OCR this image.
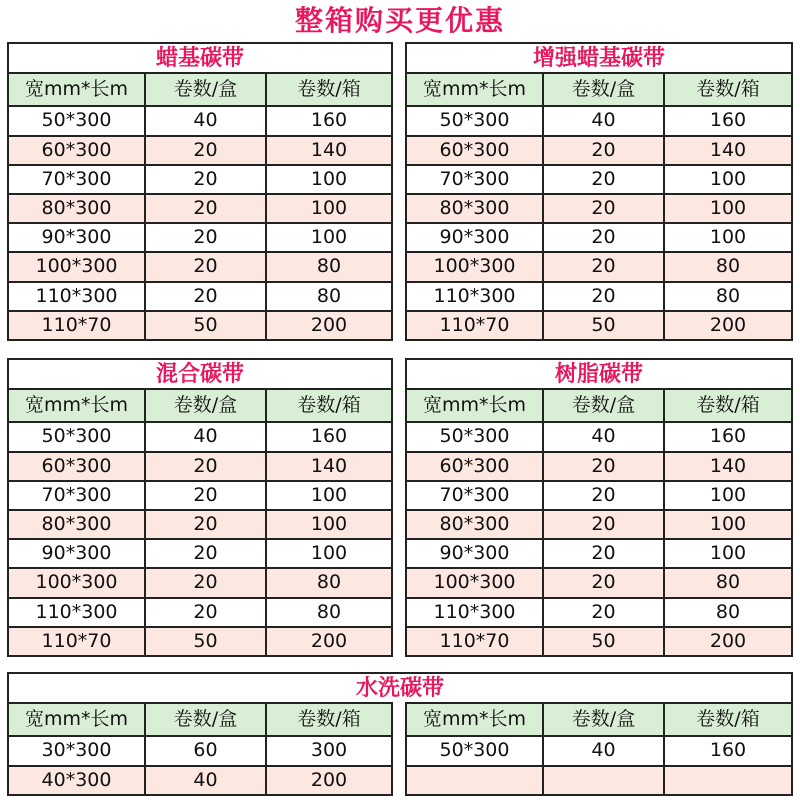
整箱购买更优惠
蜡基碳带
宽mm*长m	卷数/盒	卷数/箱
50*300	40	160
60*300	20	140
70*300	20	100
80*300	20	100
90*300	20	100
100*300	20	80
110*300	20	80
110*70	50	200
增强蜡基碳带
宽mm*长m	卷数/盒	卷数/箱
50*300	40	160
60*300	20	140
70*300	20	100
80*300	20	100
90*300	20	100
100*300	20	80
110*300	20	80
110*70	50	200
混合碳带
宽mm*长m	卷数/盒	卷数/箱
50*300	40	160
60*300	20	140
70*300	20	100
80*300	20	100
90*300	20	100
100*300	20	80
110*300	20	80
110*70	50	200
树脂碳带
宽mm*长m	卷数/盒	卷数/箱
50*300	40	160
60*300	20	140
70*300	20	100
80*300	20	100
90*300	20	100
100*300	20	80
110*300	20	80
110*70	50	200
水洗碳带
宽mm*长m	卷数/盒	卷数/箱
30*300	60	300
40*300	40	200
宽mm*长m	卷数/盒	卷数/箱
50*300	40	160
